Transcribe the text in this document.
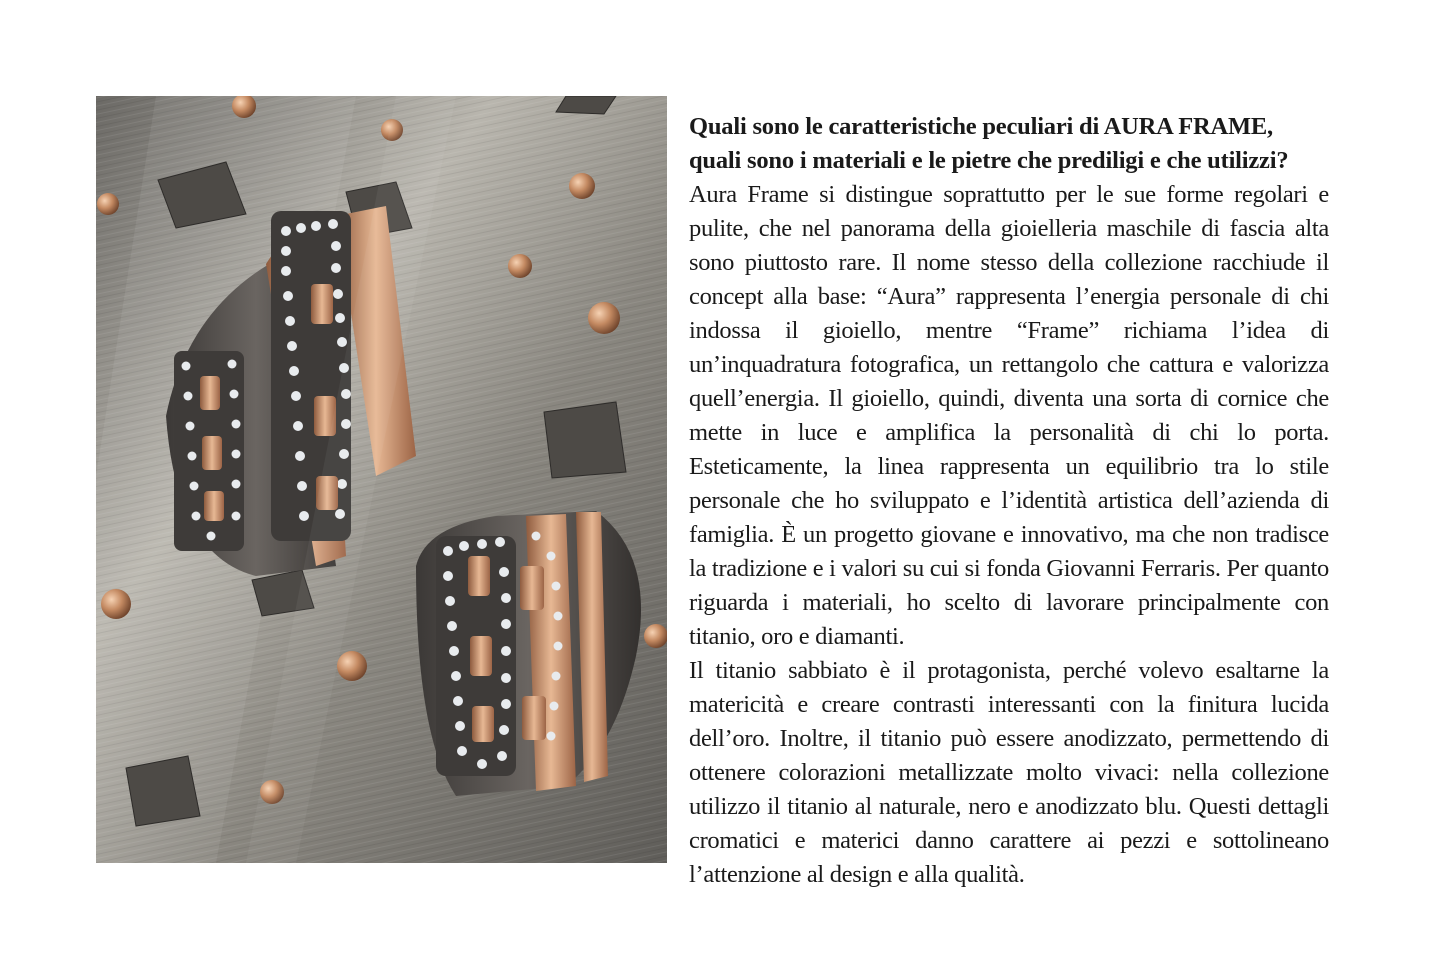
Quali sono le caratteristiche peculiari di AURA FRAME, quali sono i materiali e le pietre che prediligi e che utilizzi?

Aura Frame si distingue soprattutto per le sue forme regolari e pulite, che nel panorama della gioielleria maschile di fascia alta sono piuttosto rare. Il nome stesso della collezione racchiude il concept alla base: “Aura” rappresenta l’energia personale di chi indossa il gioiello, mentre “Frame” richiama l’idea di un’inquadratura fotografica, un rettangolo che cattura e valorizza quell’energia. Il gioiello, quindi, diventa una sorta di cornice che mette in luce e amplifica la personalità di chi lo porta. Esteticamente, la linea rappresenta un equilibrio tra lo stile personale che ho sviluppato e l’identità artistica dell’azienda di famiglia. È un progetto giovane e innovativo, ma che non tradisce la tradizione e i valori su cui si fonda Giovanni Ferraris. Per quanto riguarda i materiali, ho scelto di lavorare principalmente con titanio, oro e diamanti.

Il titanio sabbiato è il protagonista, perché volevo esaltarne la matericità e creare contrasti interessanti con la finitura lucida dell’oro. Inoltre, il titanio può essere anodizzato, permettendo di ottenere colorazioni metallizzate molto vivaci: nella collezione utilizzo il titanio al naturale, nero e anodizzato blu. Questi dettagli cromatici e materici danno carattere ai pezzi e sottolineano l’attenzione al design e alla qualità.
